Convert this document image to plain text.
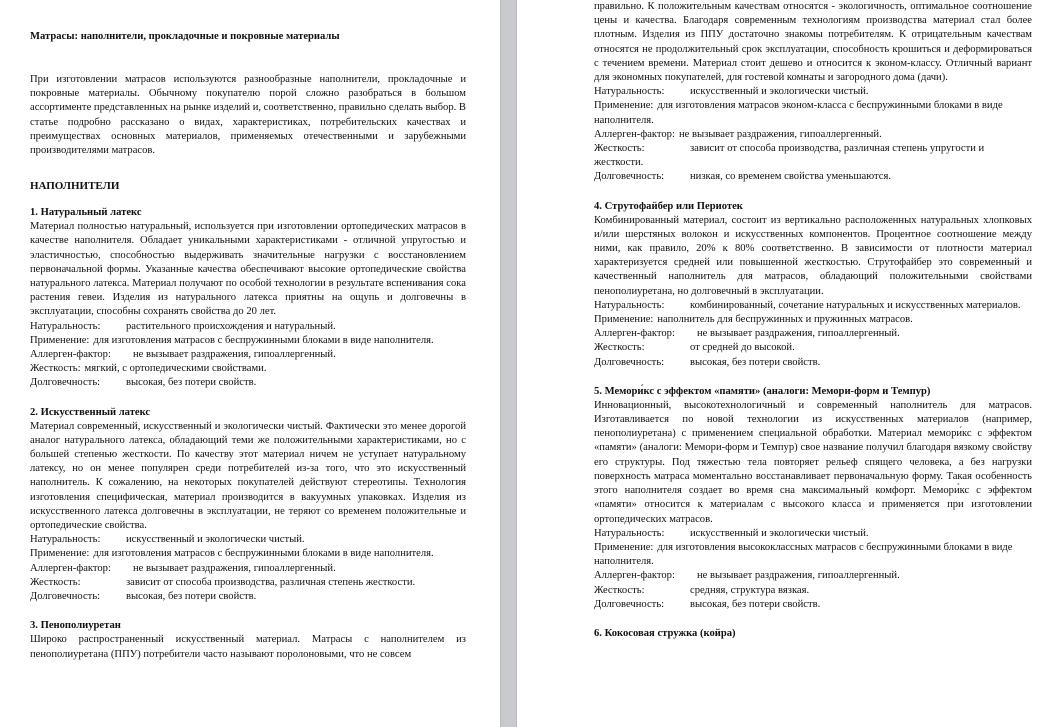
Матрасы: наполнители, прокладочные и покровные материалы

При изготовлении матрасов используются разнообразные наполнители, прокладочные и покровные материалы. Обычному покупателю порой сложно разобраться в большом ассортименте представленных на рынке изделий и, соответственно, правильно сделать выбор. В статье подробно рассказано о видах, характеристиках, потребительских качествах и преимуществах основных материалов, применяемых отечественными и зарубежными производителями матрасов.

НАПОЛНИТЕЛИ
1. Натуральный латекс

Материал полностью натуральный, используется при изготовлении ортопедических матрасов в качестве наполнителя. Обладает уникальными характеристиками - отличной упругостью и эластичностью, способностью выдерживать значительные нагрузки с восстановлением первоначальной формы. Указанные качества обеспечивают высокие ортопедические свойства натурального латекса. Материал получают по особой технологии в результате вспенивания сока растения гевеи. Изделия из натурального латекса приятны на ощупь и долговечны в эксплуатации, способны сохранять свойства до 20 лет.

Натуральность: растительного происхождения и натуральный.
Применение: для изготовления матрасов с беспружинными блоками в виде наполнителя.
Аллерген-фактор: не вызывает раздражения, гипоаллергенный.
Жесткость: мягкий, с ортопедическими свойствами.
Долговечность: высокая, без потери свойств.
2. Искусственный латекс

Материал современный, искусственный и экологически чистый. Фактически это менее дорогой аналог натурального латекса, обладающий теми же положительными характеристиками, но с большей степенью жесткости. По качеству этот материал ничем не уступает натуральному латексу, но он менее популярен среди потребителей из-за того, что это искусственный наполнитель. К сожалению, на некоторых покупателей действуют стереотипы. Технология изготовления специфическая, материал производится в вакуумных упаковках. Изделия из искусственного латекса долговечны в эксплуатации, не теряют со временем положительные и ортопедические свойства.

Натуральность: искусственный и экологически чистый.
Применение: для изготовления матрасов с беспружинными блоками в виде наполнителя.
Аллерген-фактор: не вызывает раздражения, гипоаллергенный.
Жесткость:	зависит от способа производства, различная степень жесткости.
Долговечность: высокая, без потери свойств.
3. Пенополиуретан

Широко распространенный искусственный материал. Матрасы с наполнителем из пенополиуретана (ППУ) потребители часто называют поролоновыми, что не совсем

правильно. К положительным качествам относятся - экологичность, оптимальное соотношение цены и качества. Благодаря современным технологиям производства материал стал более плотным. Изделия из ППУ достаточно знакомы потребителям. К отрицательным качествам относятся не продолжительный срок эксплуатации, способность крошиться и деформироваться с течением времени. Материал стоит дешево и относится к эконом-классу. Отличный вариант для экономных покупателей, для гостевой комнаты и загородного дома (дачи).

Натуральность: искусственный и экологически чистый.
Применение: для изготовления матрасов эконом-класса с беспружинными блоками в виде наполнителя.
Аллерген-фактор: не вызывает раздражения, гипоаллергенный.
Жесткость:	зависит от способа производства, различная степень упругости и жесткости.
Долговечность: низкая, со временем свойства уменьшаются.
4. Струтофайбер или Периотек

Комбинированный материал, состоит из вертикально расположенных натуральных хлопковых и/или шерстяных волокон и искусственных компонентов. Процентное соотношение между ними, как правило, 20% к 80% соответственно. В зависимости от плотности материал характеризуется средней или повышенной жесткостью. Струтофайбер это современный и качественный наполнитель для матрасов, обладающий положительными свойствами пенополиуретана, но долговечный в эксплуатации.

Натуральность: комбинированный, сочетание натуральных и искусственных материалов.
Применение: наполнитель для беспружинных и пружинных матрасов.
Аллерген-фактор: не вызывает раздражения, гипоаллергенный.
Жесткость:	от средней до высокой.
Долговечность: высокая, без потери свойств.
5. Мемори́кс с эффектом «памяти» (аналоги: Мемори-форм и Темпур)

Инновационный, высокотехнологичный и современный наполнитель для матрасов. Изготавливается по новой технологии из искусственных материалов (например, пенополиуретана) с применением специальной обработки. Материал мемори́кс с эффектом «памяти» (аналоги: Мемори-форм и Темпур) свое название получил благодаря вязкому свойству его структуры. Под тяжестью тела повторяет рельеф спящего человека, а без нагрузки поверхность матраса моментально восстанавливает первоначальную форму. Такая особенность этого наполнителя создает во время сна максимальный комфорт. Мемори́кс с эффектом «памяти» относится к материалам с высокого класса и применяется при изготовлении ортопедических матрасов.

Натуральность: искусственный и экологически чистый.
Применение: для изготовления высококлассных матрасов с беспружинными блоками в виде наполнителя.
Аллерген-фактор: не вызывает раздражения, гипоаллергенный.
Жесткость:	средняя, структура вязкая.
Долговечность: высокая, без потери свойств.
6. Кокосовая стружка (койра)
